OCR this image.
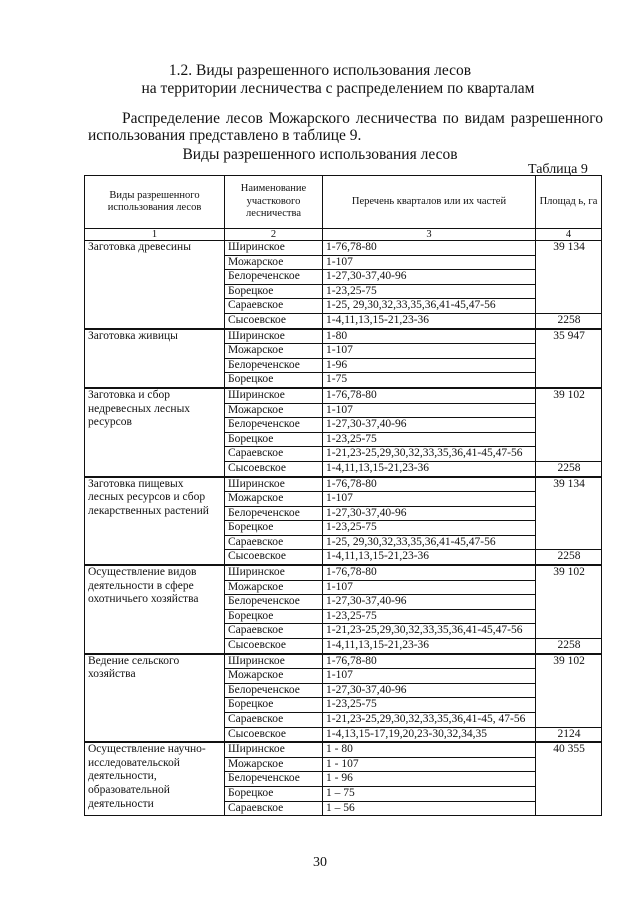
1.2. Виды разрешенного использования лесов
на территории лесничества с распределением по кварталам
Распределение лесов Можарского лесничества по видам разрешенного использования представлено в таблице 9.
Виды разрешенного использования лесов
Таблица 9
Виды разрешенного использования лесов	Наименование участкового лесничества	Перечень кварталов или их частей	Площад ь, га
1	2	3	4
Заготовка древесины	Ширинское	1-76,78-80	39 134
	Можарское	1-107	
	Белореченское	1-27,30-37,40-96	
	Борецкое	1-23,25-75	
	Сараевское	1-25, 29,30,32,33,35,36,41-45,47-56	
	Сысоевское	1-4,11,13,15-21,23-36	2258
Заготовка живицы	Ширинское	1-80	35 947
	Можарское	1-107	
	Белореченское	1-96	
	Борецкое	1-75	
Заготовка и сбор недревесных лесных ресурсов	Ширинское	1-76,78-80	39 102
	Можарское	1-107	
	Белореченское	1-27,30-37,40-96	
	Борецкое	1-23,25-75	
	Сараевское	1-21,23-25,29,30,32,33,35,36,41-45,47-56	
	Сысоевское	1-4,11,13,15-21,23-36	2258
Заготовка пищевых лесных ресурсов и сбор лекарственных растений	Ширинское	1-76,78-80	39 134
	Можарское	1-107	
	Белореченское	1-27,30-37,40-96	
	Борецкое	1-23,25-75	
	Сараевское	1-25, 29,30,32,33,35,36,41-45,47-56	
	Сысоевское	1-4,11,13,15-21,23-36	2258
Осуществление видов деятельности в сфере охотничьего хозяйства	Ширинское	1-76,78-80	39 102
	Можарское	1-107	
	Белореченское	1-27,30-37,40-96	
	Борецкое	1-23,25-75	
	Сараевское	1-21,23-25,29,30,32,33,35,36,41-45,47-56	
	Сысоевское	1-4,11,13,15-21,23-36	2258
Ведение сельского хозяйства	Ширинское	1-76,78-80	39 102
	Можарское	1-107	
	Белореченское	1-27,30-37,40-96	
	Борецкое	1-23,25-75	
	Сараевское	1-21,23-25,29,30,32,33,35,36,41-45, 47-56	
	Сысоевское	1-4,13,15-17,19,20,23-30,32,34,35	2124
Осуществление научно-исследовательской деятельности, образовательной деятельности	Ширинское	1 - 80	40 355
	Можарское	1 - 107	
	Белореченское	1 - 96	
	Борецкое	1 – 75	
	Сараевское	1 – 56	
30
